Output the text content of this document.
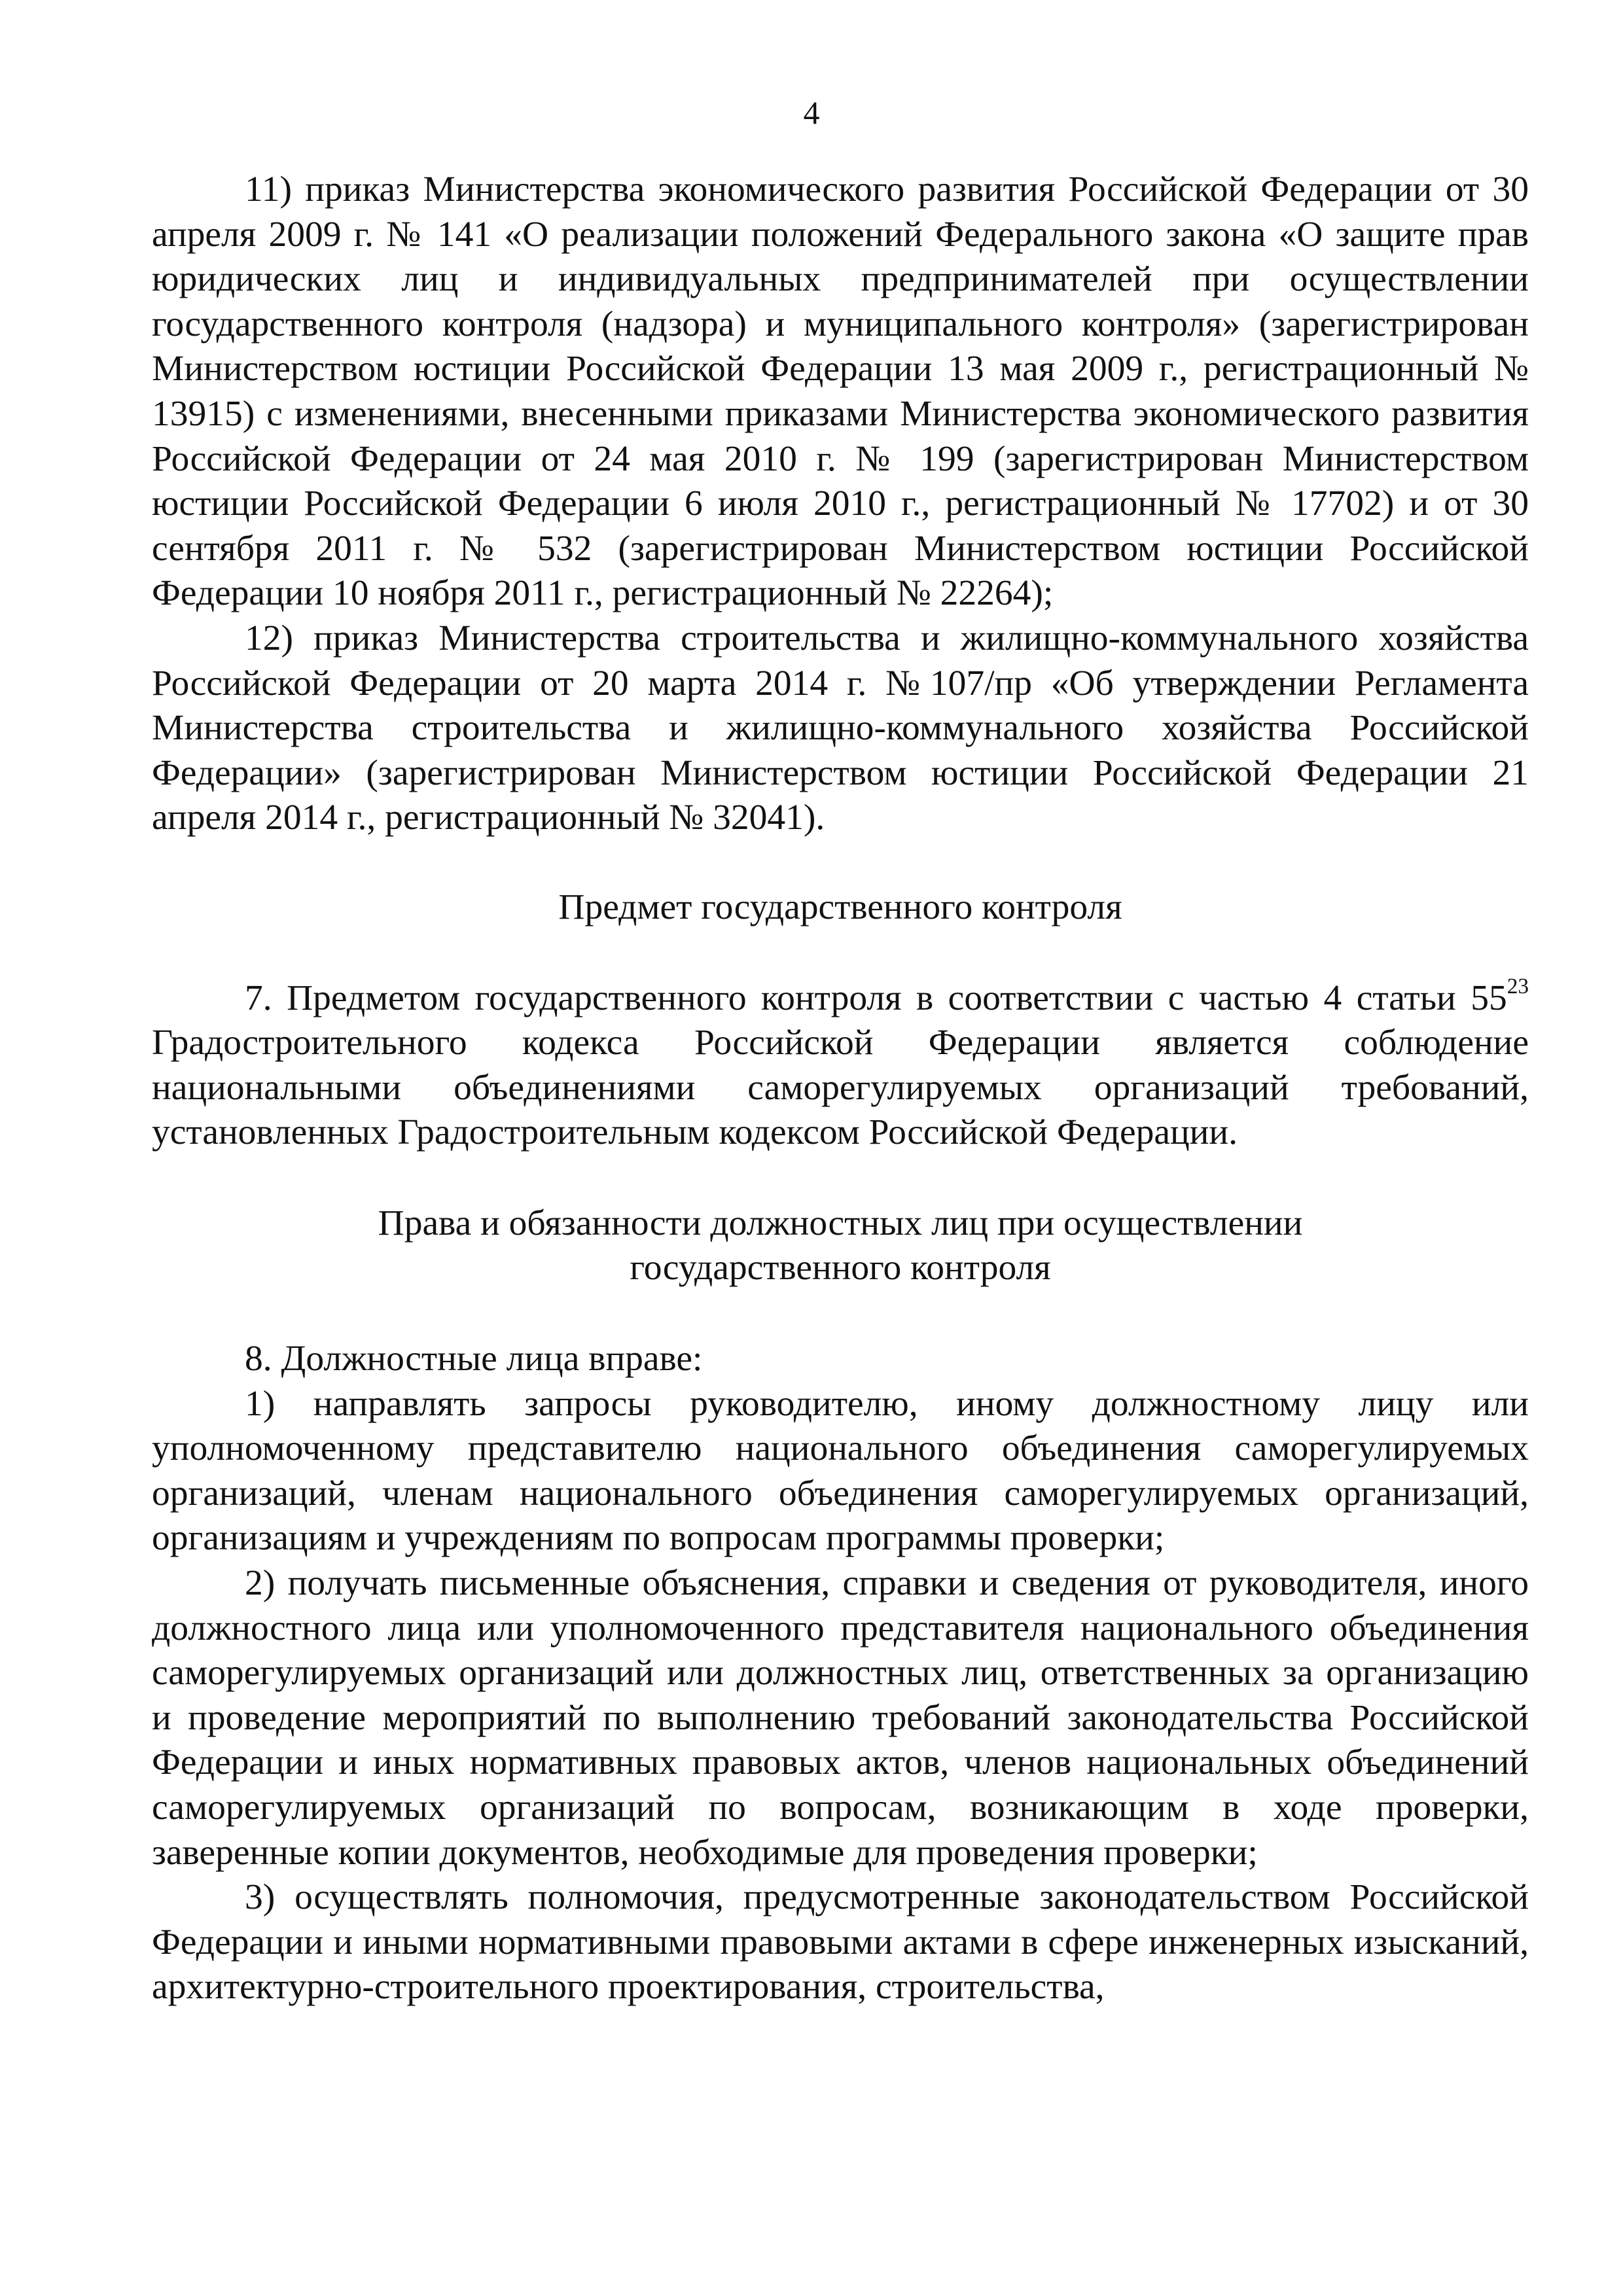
4

11) приказ Министерства экономического развития Российской Федерации от 30 апреля 2009 г. № 141 «О реализации положений Федерального закона «О защите прав юридических лиц и индивидуальных предпринимателей при осуществлении государственного контроля (надзора) и муниципального контроля» (зарегистрирован Министерством юстиции Российской Федерации 13 мая 2009 г., регистрационный № 13915) с изменениями, внесенными приказами Министерства экономического развития Российской Федерации от 24 мая 2010 г. № 199 (зарегистрирован Министерством юстиции Российской Федерации 6 июля 2010 г., регистрационный № 17702) и от 30 сентября 2011 г. № 532 (зарегистрирован Министерством юстиции Российской Федерации 10 ноября 2011 г., регистрационный № 22264);

12) приказ Министерства строительства и жилищно-коммунального хозяйства Российской Федерации от 20 марта 2014 г. №107/пр «Об утверждении Регламента Министерства строительства и жилищно-коммунального хозяйства Российской Федерации» (зарегистрирован Министерством юстиции Российской Федерации 21 апреля 2014 г., регистрационный № 32041).

Предмет государственного контроля

7. Предметом государственного контроля в соответствии с частью 4 статьи 55$^{23}$ Градостроительного кодекса Российской Федерации является соблюдение национальными объединениями саморегулируемых организаций требований, установленных Градостроительным кодексом Российской Федерации.

Права и обязанности должностных лиц при осуществлении
государственного контроля

8. Должностные лица вправе:

1) направлять запросы руководителю, иному должностному лицу или уполномоченному представителю национального объединения саморегулируемых организаций, членам национального объединения саморегулируемых организаций, организациям и учреждениям по вопросам программы проверки;

2) получать письменные объяснения, справки и сведения от руководителя, иного должностного лица или уполномоченного представителя национального объединения саморегулируемых организаций или должностных лиц, ответственных за организацию и проведение мероприятий по выполнению требований законодательства Российской Федерации и иных нормативных правовых актов, членов национальных объединений саморегулируемых организаций по вопросам, возникающим в ходе проверки, заверенные копии документов, необходимые для проведения проверки;

3) осуществлять полномочия, предусмотренные законодательством Российской Федерации и иными нормативными правовыми актами в сфере инженерных изысканий, архитектурно-строительного проектирования, строительства,
